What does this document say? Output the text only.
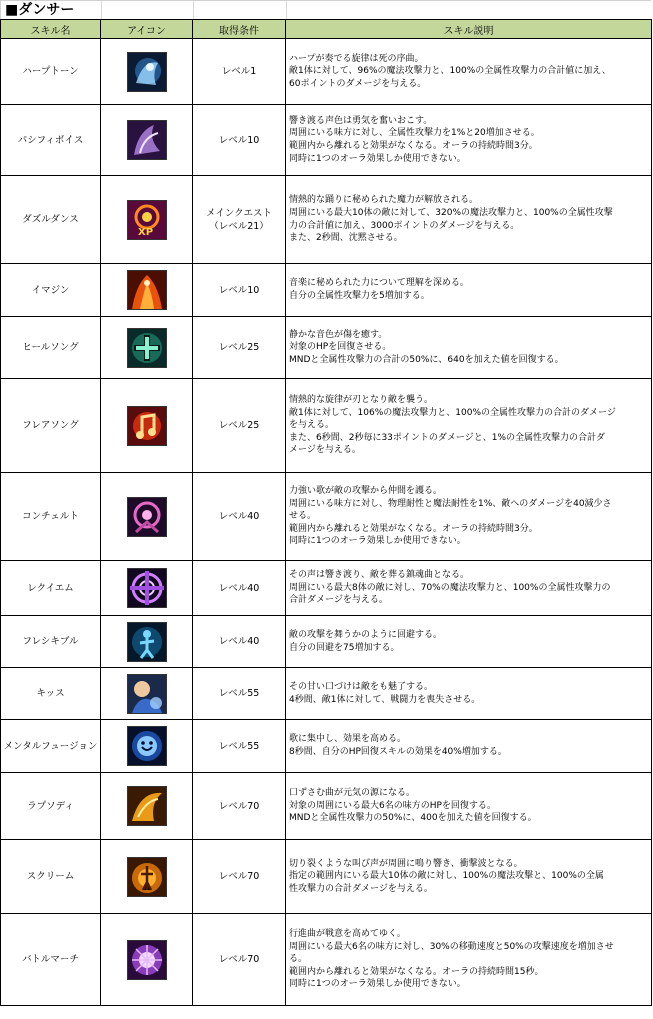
■ダンサー
スキル名	アイコン	取得条件	スキル説明
ハープトーン		レベル1	ハープが奏でる旋律は死の序曲。
敵1体に対して、96%の魔法攻撃力と、100%の全属性攻撃力の合計値に加え、
60ポイントのダメージを与える。

パシフィボイス		レベル10	響き渡る声色は勇気を奮いおこす。
周囲にいる味方に対し、全属性攻撃力を1%と20増加させる。
範囲内から離れると効果がなくなる。オーラの持続時間3分。
同時に1つのオーラ効果しか使用できない。

ダズルダンス	XP	メインクエスト
（レベル21）	情熱的な踊りに秘められた魔力が解放される。
周囲にいる最大10体の敵に対して、320%の魔法攻撃力と、100%の全属性攻撃
力の合計値に加え、3000ポイントのダメージを与える。
また、2秒間、沈黙させる。

イマジン		レベル10	音楽に秘められた力について理解を深める。
自分の全属性攻撃力を5増加する。

ヒールソング		レベル25	静かな音色が傷を癒す。
対象のHPを回復させる。
MNDと全属性攻撃力の合計の50%に、640を加えた値を回復する。

フレアソング		レベル25	情熱的な旋律が刃となり敵を襲う。
敵1体に対して、106%の魔法攻撃力と、100%の全属性攻撃力の合計のダメージ
を与える。
また、6秒間、2秒毎に33ポイントのダメージと、1%の全属性攻撃力の合計ダ
メージを与える。

コンチェルト		レベル40	力強い歌が敵の攻撃から仲間を護る。
周囲にいる味方に対し、物理耐性と魔法耐性を1%、敵へのダメージを40減少さ
せる。
範囲内から離れると効果がなくなる。オーラの持続時間3分。
同時に1つのオーラ効果しか使用できない。

レクイエム		レベル40	その声は響き渡り、敵を葬る鎮魂曲となる。
周囲にいる最大8体の敵に対し、70%の魔法攻撃力と、100%の全属性攻撃力の
合計ダメージを与える。

フレシキブル		レベル40	敵の攻撃を舞うかのように回避する。
自分の回避を75増加する。

キッス		レベル55	その甘い口づけは敵をも魅了する。
4秒間、敵1体に対して、戦闘力を喪失させる。

メンタルフュージョン		レベル55	歌に集中し、効果を高める。
8秒間、自分のHP回復スキルの効果を40%増加する。

ラプソディ		レベル70	口ずさむ曲が元気の源になる。
対象の周囲にいる最大6名の味方のHPを回復する。
MNDと全属性攻撃力の50%に、400を加えた値を回復する。

スクリーム		レベル70	切り裂くような叫び声が周囲に鳴り響き、衝撃波となる。
指定の範囲内にいる最大10体の敵に対し、100%の魔法攻撃と、100%の全属
性攻撃力の合計ダメージを与える。

バトルマーチ		レベル70	行進曲が戦意を高めてゆく。
周囲にいる最大6名の味方に対し、30%の移動速度と50%の攻撃速度を増加させ
る。
範囲内から離れると効果がなくなる。オーラの持続時間15秒。
同時に1つのオーラ効果しか使用できない。
